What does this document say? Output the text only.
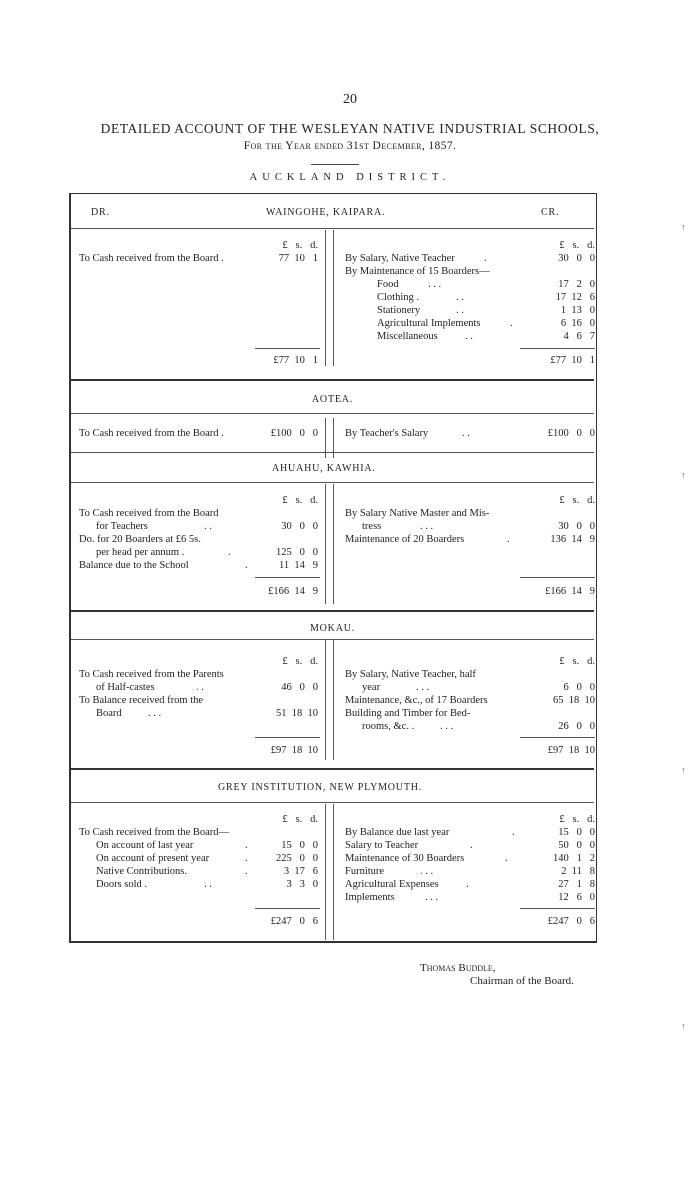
20
DETAILED ACCOUNT OF THE WESLEYAN NATIVE INDUSTRIAL SCHOOLS,
For the Year ended 31st December, 1857.
AUCKLAND DISTRICT.
DR.	WAINGOHE, KAIPARA.	CR.
£   s.   d.	£   s.   d.
To Cash received from the Board .	77  10   1	By Salary, Native Teacher	.	30   0   0
By Maintenance of 15 Boarders—
Food	. . .	17   2   0
Clothing .	. .	17  12   6
Stationery	. .	1  13   0
Agricultural Implements	.	6  16   0
Miscellaneous	. .	4   6   7
£77  10   1	£77  10   1
AOTEA.
To Cash received from the Board .	£100   0   0	By Teacher's Salary	. .	£100   0   0
AHUAHU, KAWHIA.
£   s.   d.	£   s.   d.
To Cash received from the Board
for Teachers	. .	30   0   0
Do. for 20 Boarders at £6 5s.
per head per annum .	.	125   0   0
Balance due to the School	.	11  14   9
By Salary Native Master and Mis-
tress	. . .	30   0   0
Maintenance of 20 Boarders	.	136  14   9
£166  14   9	£166  14   9
MOKAU.
£   s.   d.	£   s.   d.
To Cash received from the Parents
of Half-castes	. .	46   0   0
To Balance received from the
Board	. . .	51  18  10
By Salary, Native Teacher, half
year	. . .	6   0   0
Maintenance, &c., of 17 Boarders	65  18  10
Building and Timber for Bed-
rooms, &c. . . . .	26   0   0
£97  18  10	£97  18  10
GREY INSTITUTION, NEW PLYMOUTH.
£   s.   d.	£   s.   d.
To Cash received from the Board—
On account of last year	.	15   0   0
On account of present year	.	225   0   0
Native Contributions.	.	3  17   6
Doors sold .	. .	3   3   0
By Balance due last year	.	15   0   0
Salary to Teacher	.	50   0   0
Maintenance of 30 Boarders	.	140   1   2
Furniture	. . .	2  11   8
Agricultural Expenses	.	27   1   8
Implements	. . .	12   6   0
£247   0   6	£247   0   6
Thomas Buddle,
Chairman of the Board.
↑
↑
↑
↑
